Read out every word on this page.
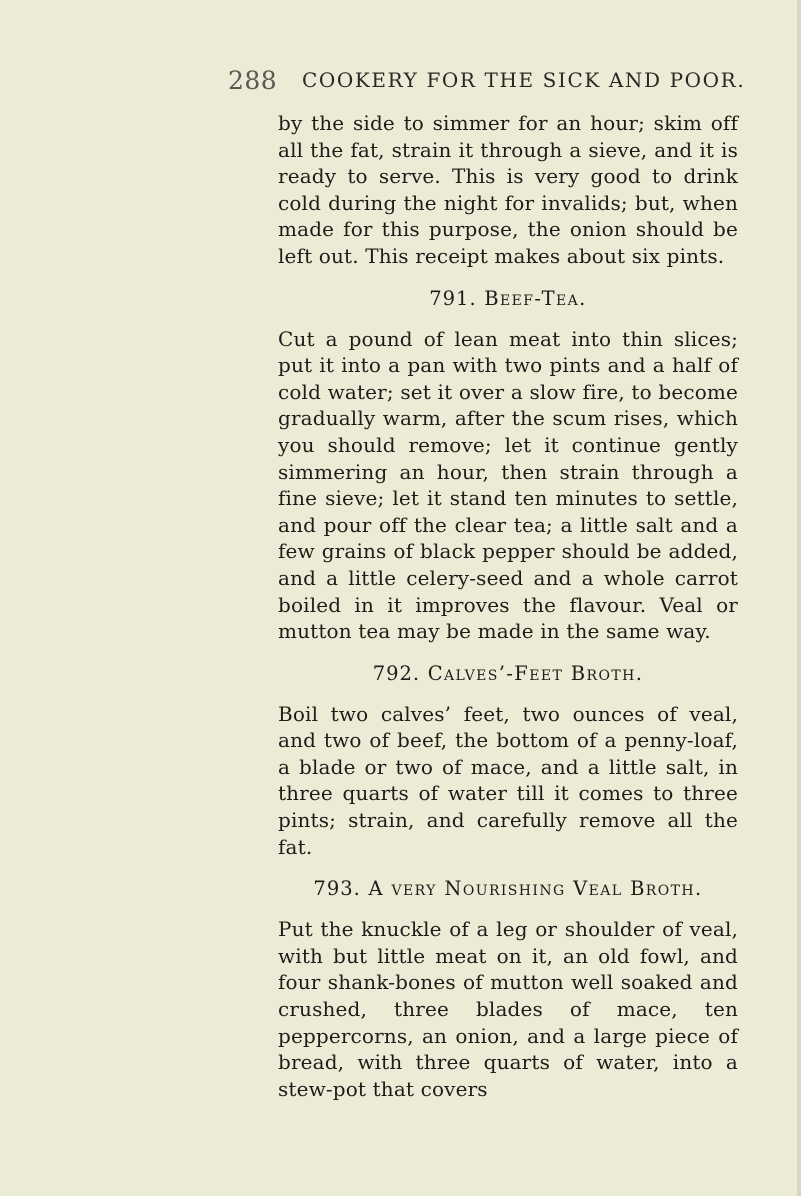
288 COOKERY FOR THE SICK AND POOR.

by the side to simmer for an hour; skim off all the fat, strain it through a sieve, and it is ready to serve. This is very good to drink cold during the night for invalids; but, when made for this purpose, the onion should be left out. This receipt makes about six pints.

791. Beef-Tea.

Cut a pound of lean meat into thin slices; put it into a pan with two pints and a half of cold water; set it over a slow fire, to become gradually warm, after the scum rises, which you should remove; let it continue gently simmering an hour, then strain through a fine sieve; let it stand ten minutes to settle, and pour off the clear tea; a little salt and a few grains of black pepper should be added, and a little celery-seed and a whole carrot boiled in it improves the flavour. Veal or mutton tea may be made in the same way.

792. Calves’-Feet Broth.

Boil two calves’ feet, two ounces of veal, and two of beef, the bottom of a penny-loaf, a blade or two of mace, and a little salt, in three quarts of water till it comes to three pints; strain, and carefully remove all the fat.

793. A very Nourishing Veal Broth.

Put the knuckle of a leg or shoulder of veal, with but little meat on it, an old fowl, and four shank-bones of mutton well soaked and crushed, three blades of mace, ten peppercorns, an onion, and a large piece of bread, with three quarts of water, into a stew-pot that covers
